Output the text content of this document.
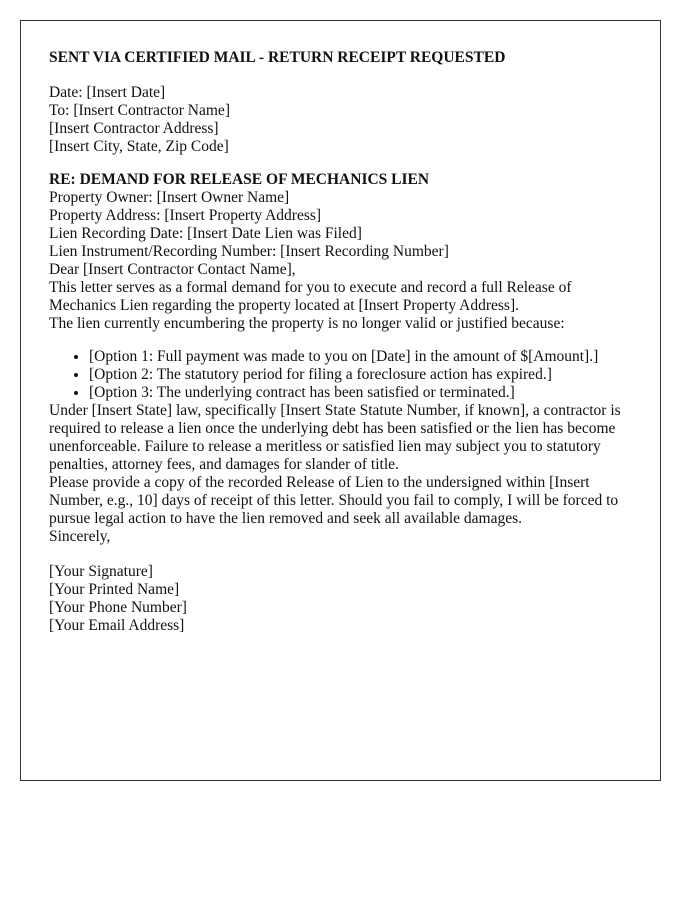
SENT VIA CERTIFIED MAIL - RETURN RECEIPT REQUESTED

Date: [Insert Date]
To: [Insert Contractor Name]
[Insert Contractor Address]
[Insert City, State, Zip Code]
RE: DEMAND FOR RELEASE OF MECHANICS LIEN
Property Owner: [Insert Owner Name]
Property Address: [Insert Property Address]
Lien Recording Date: [Insert Date Lien was Filed]
Lien Instrument/Recording Number: [Insert Recording Number]

Dear [Insert Contractor Contact Name],

This letter serves as a formal demand for you to execute and record a full Release of Mechanics Lien regarding the property located at [Insert Property Address].

The lien currently encumbering the property is no longer valid or justified because:

• [Option 1: Full payment was made to you on [Date] in the amount of $[Amount].]
• [Option 2: The statutory period for filing a foreclosure action has expired.]
• [Option 3: The underlying contract has been satisfied or terminated.]

Under [Insert State] law, specifically [Insert State Statute Number, if known], a contractor is required to release a lien once the underlying debt has been satisfied or the lien has become unenforceable. Failure to release a meritless or satisfied lien may subject you to statutory penalties, attorney fees, and damages for slander of title.

Please provide a copy of the recorded Release of Lien to the undersigned within [Insert Number, e.g., 10] days of receipt of this letter. Should you fail to comply, I will be forced to pursue legal action to have the lien removed and seek all available damages.

Sincerely,

[Your Signature]
[Your Printed Name]
[Your Phone Number]
[Your Email Address]
